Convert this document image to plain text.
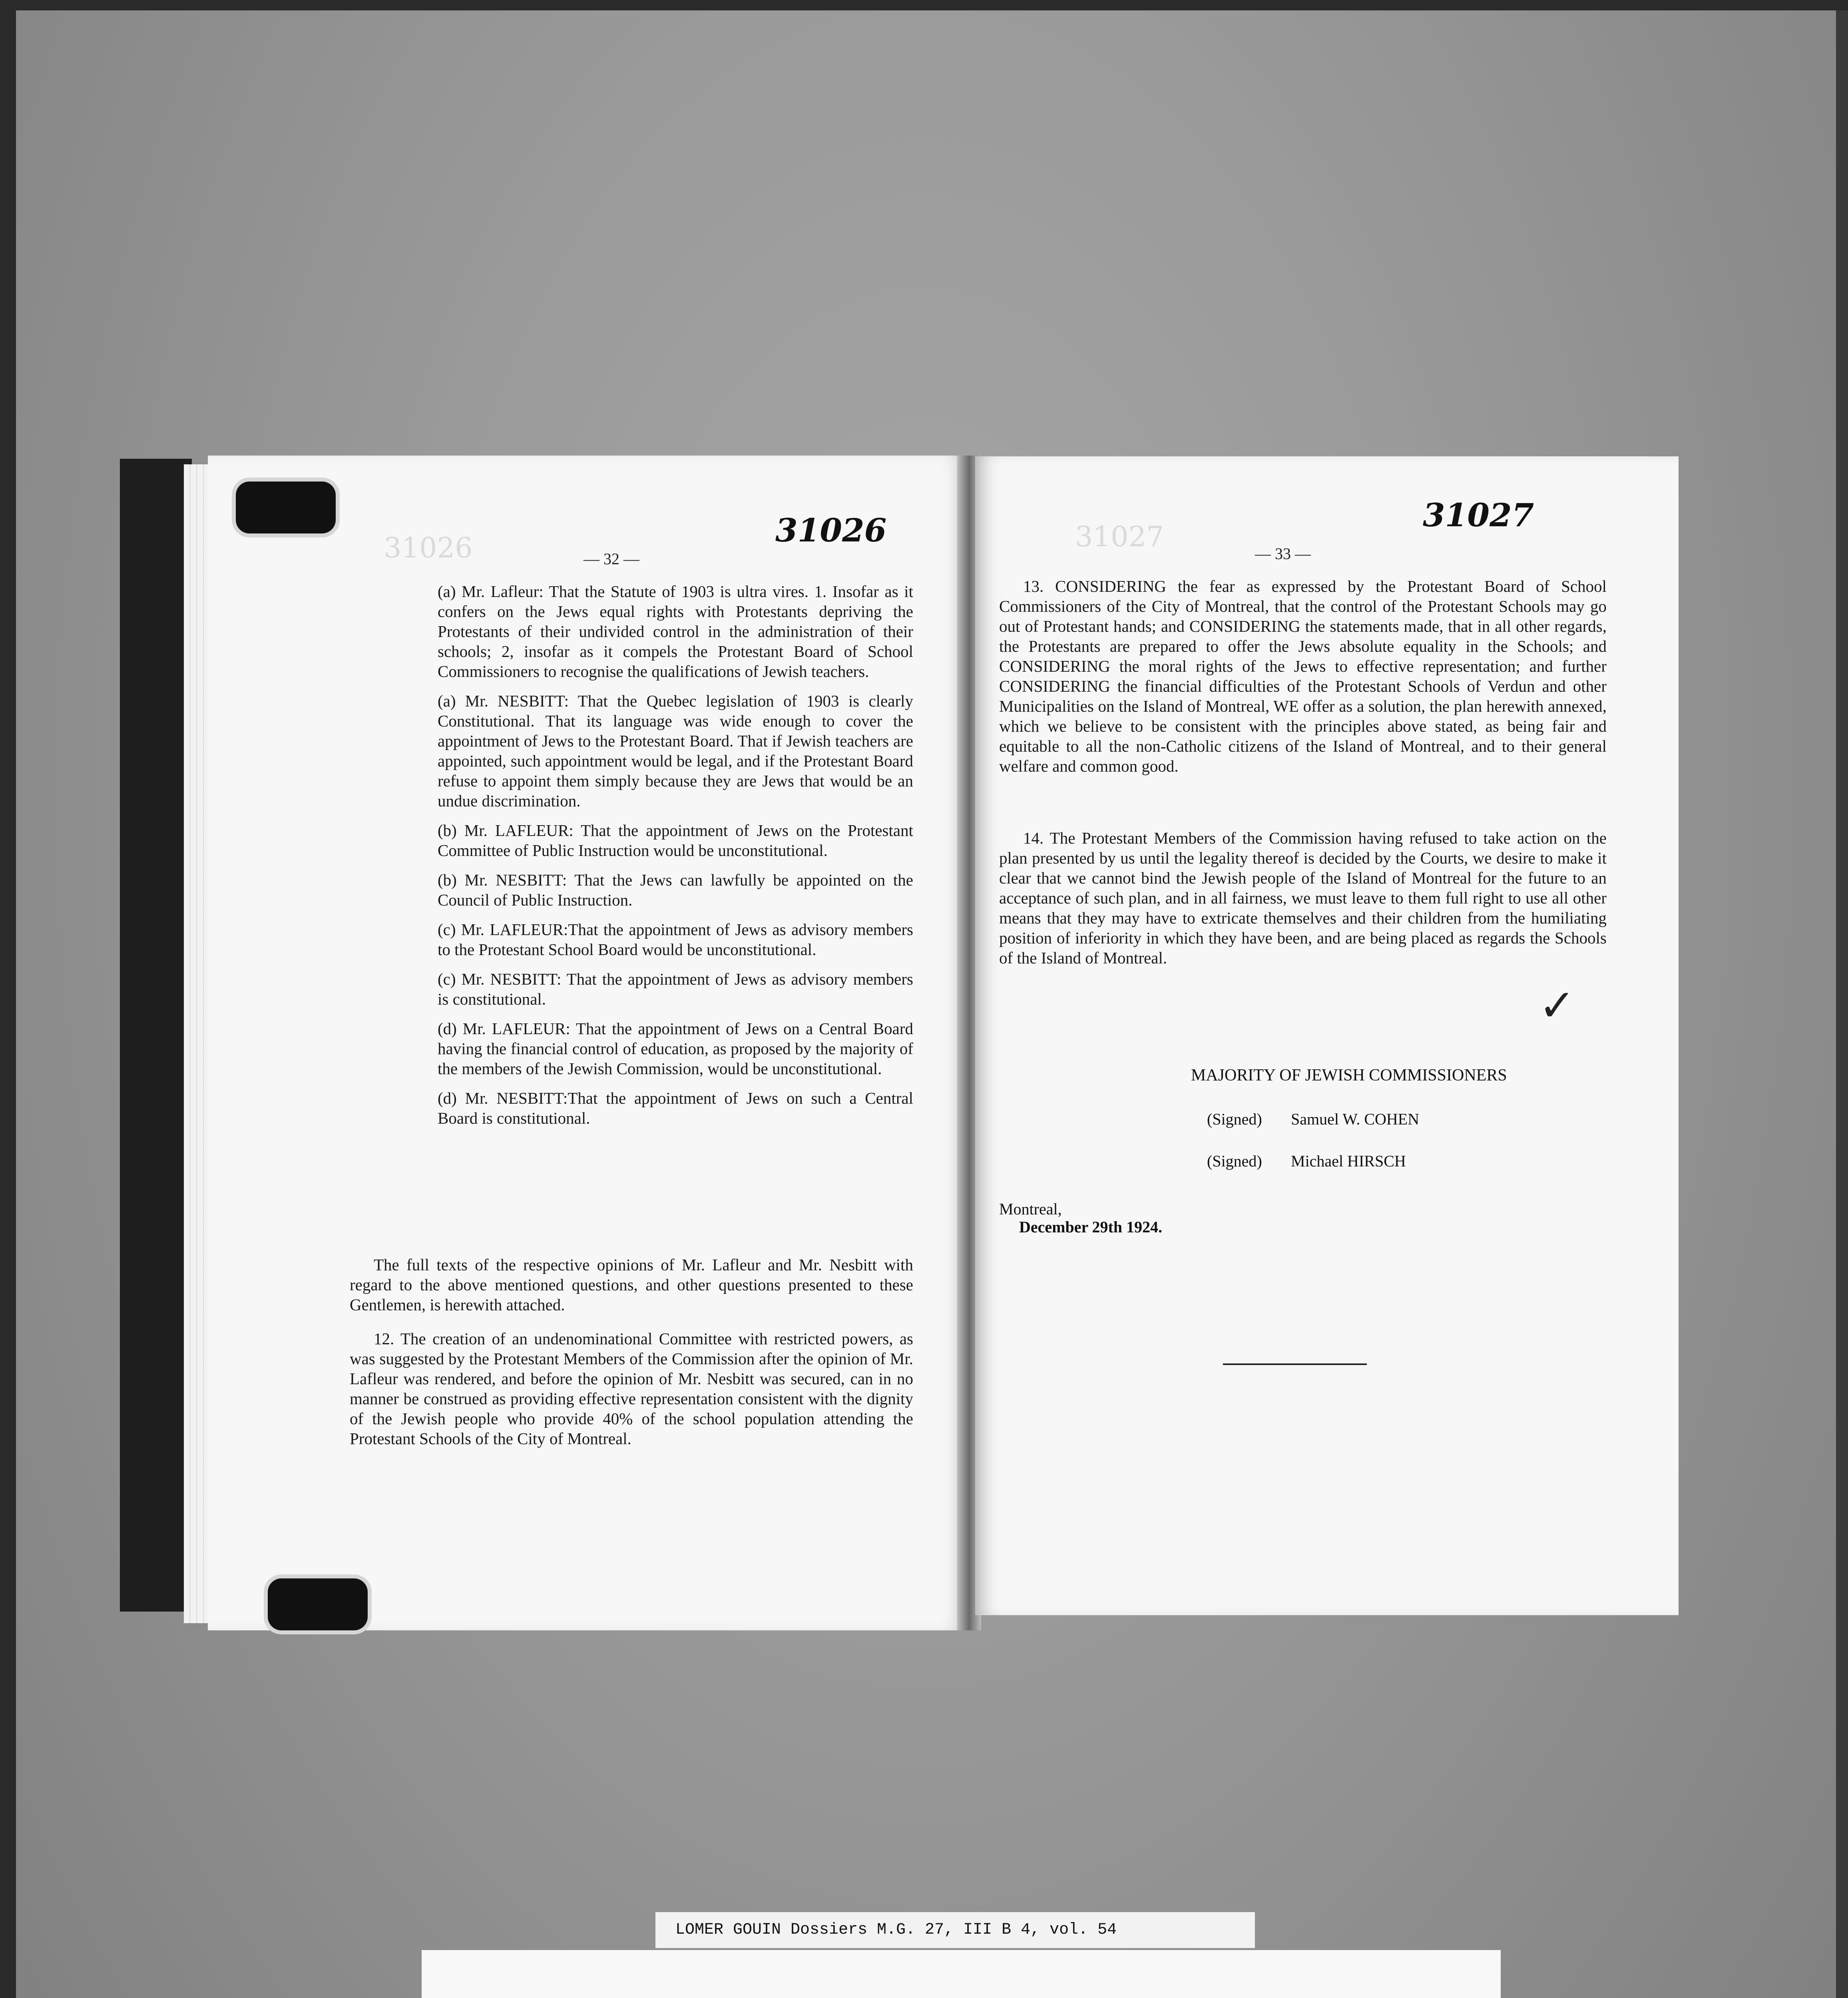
31026	— 32 —
31026

(a) Mr. Lafleur: That the Statute of 1903 is ultra vires. 1. Insofar as it confers on the Jews equal rights with Protestants depriving the Protestants of their undivided control in the administration of their schools; 2, insofar as it compels the Protestant Board of School Commissioners to recognise the qualifications of Jewish teachers.

(a) Mr. NESBITT: That the Quebec legislation of 1903 is clearly Constitutional. That its language was wide enough to cover the appointment of Jews to the Protestant Board. That if Jewish teachers are appointed, such appointment would be legal, and if the Protestant Board refuse to appoint them simply because they are Jews that would be an undue discrimination.

(b) Mr. LAFLEUR: That the appointment of Jews on the Protestant Committee of Public Instruction would be unconstitutional.

(b) Mr. NESBITT: That the Jews can lawfully be appointed on the Council of Public Instruction.

(c) Mr. LAFLEUR:That the appointment of Jews as advisory members to the Protestant School Board would be unconstitutional.

(c) Mr. NESBITT: That the appointment of Jews as advisory members is constitutional.

(d) Mr. LAFLEUR: That the appointment of Jews on a Central Board having the financial control of education, as proposed by the majority of the members of the Jewish Commission, would be unconstitutional.

(d) Mr. NESBITT:That the appointment of Jews on such a Central Board is constitutional.

The full texts of the respective opinions of Mr. Lafleur and Mr. Nesbitt with regard to the above mentioned questions, and other questions presented to these Gentlemen, is herewith attached.
12. The creation of an undenominational Committee with restricted powers, as was suggested by the Protestant Members of the Commission after the opinion of Mr. Lafleur was rendered, and before the opinion of Mr. Nesbitt was secured, can in no manner be construed as providing effective representation consistent with the dignity of the Jewish people who provide 40% of the school population attending the Protestant Schools of the City of Montreal.
31027
— 33 —
31027
13. CONSIDERING the fear as expressed by the Protestant Board of School Commissioners of the City of Montreal, that the control of the Protestant Schools may go out of Protestant hands; and CONSIDERING the statements made, that in all other regards, the Protestants are prepared to offer the Jews absolute equality in the Schools; and CONSIDERING the moral rights of the Jews to effective representation; and further CONSIDERING the financial difficulties of the Protestant Schools of Verdun and other Municipalities on the Island of Montreal, WE offer as a solution, the plan herewith annexed, which we believe to be consistent with the principles above stated, as being fair and equitable to all the non-Catholic citizens of the Island of Montreal, and to their general welfare and common good.
14. The Protestant Members of the Commission having refused to take action on the plan presented by us until the legality thereof is decided by the Courts, we desire to make it clear that we cannot bind the Jewish people of the Island of Montreal for the future to an acceptance of such plan, and in all fairness, we must leave to them full right to use all other means that they may have to extricate themselves and their children from the humiliating position of inferiority in which they have been, and are being placed as regards the Schools of the Island of Montreal.
✓
MAJORITY OF JEWISH COMMISSIONERS
(Signed) Samuel W. COHEN
(Signed) Michael HIRSCH
Montreal,
December 29th 1924.
LOMER GOUIN Dossiers M.G. 27, III B 4, vol. 54
